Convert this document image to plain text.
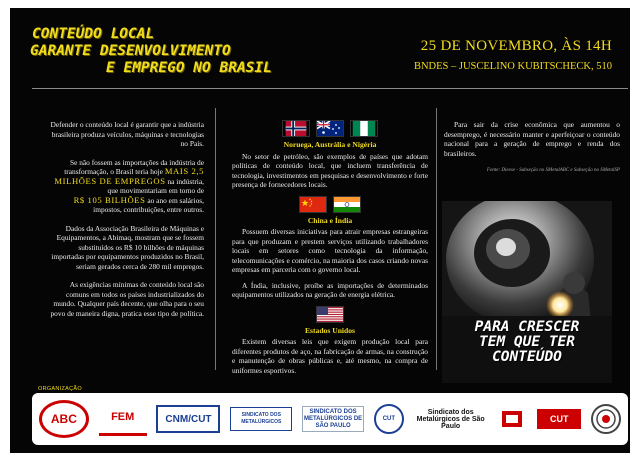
CONTEÚDO LOCAL
GARANTE DESENVOLVIMENTO
E EMPREGO NO BRASIL
25 DE NOVEMBRO, ÀS 14H
BNDES – JUSCELINO KUBITSCHECK, 510

Defender o conteúdo local é garantir que a indústria brasileira produza veículos, máquinas e tecnologias no País.

Se não fossem as importações da indústria de transformação, o Brasil teria hoje MAIS 2,5 MILHÕES DE EMPREGOS na indústria, que movimentariam em torno de
R$ 105 BILHÕES ao ano em salários, impostos, contribuições, entre outros.

Dados da Associação Brasileira de Máquinas e Equipamentos, a Abimaq, mostram que se fossem substituídos os R$ 10 bilhões de máquinas importadas por equipamentos produzidos no Brasil, seriam gerados cerca de 280 mil empregos.

As exigências mínimas de conteúdo local são comuns em todos os países industrializados do mundo. Qualquer país decente, que olha para o seu povo de maneira digna, pratica esse tipo de política.

Noruega, Austrália e Nigéria

No setor de petróleo, são exemplos de países que adotam políticas de conteúdo local, que incluem transferência de tecnologia, investimentos em pesquisas e desenvolvimento e forte presença de fornecedores locais.

China e Índia

Possuem diversas iniciativas para atrair empresas estrangeiras para que produzam e prestem serviços utilizando trabalhadores locais em setores como tecnologia da informação, telecomunicações e comércio, na maioria dos casos criando novas empresas em parceria com o governo local.

A Índia, inclusive, proíbe as importações de determinados equipamentos utilizados na geração de energia elétrica.

Estados Unidos

Existem diversas leis que exigem produção local para diferentes produtos de aço, na fabricação de armas, na construção e manutenção de obras públicas e, até mesmo, na compra de uniformes esportivos.

Para sair da crise econômica que aumentou o desemprego, é necessário manter e aperfeiçoar o conteúdo nacional para a geração de emprego e renda dos brasileiros.

Fonte: Dieese - Subseção no SMetalABC e Subseção no SMetalSP
PARA CRESCER
TEM QUE TER
CONTEÚDO
ORGANIZAÇÃO
ABC	FEM	CNM/CUT	SINDICATO DOS METALÚRGICOS
SINDICATO DOS METALÚRGICOS DE SÃO PAULO
CUT
Sindicato dos Metalúrgicos de São Paulo
CUT
